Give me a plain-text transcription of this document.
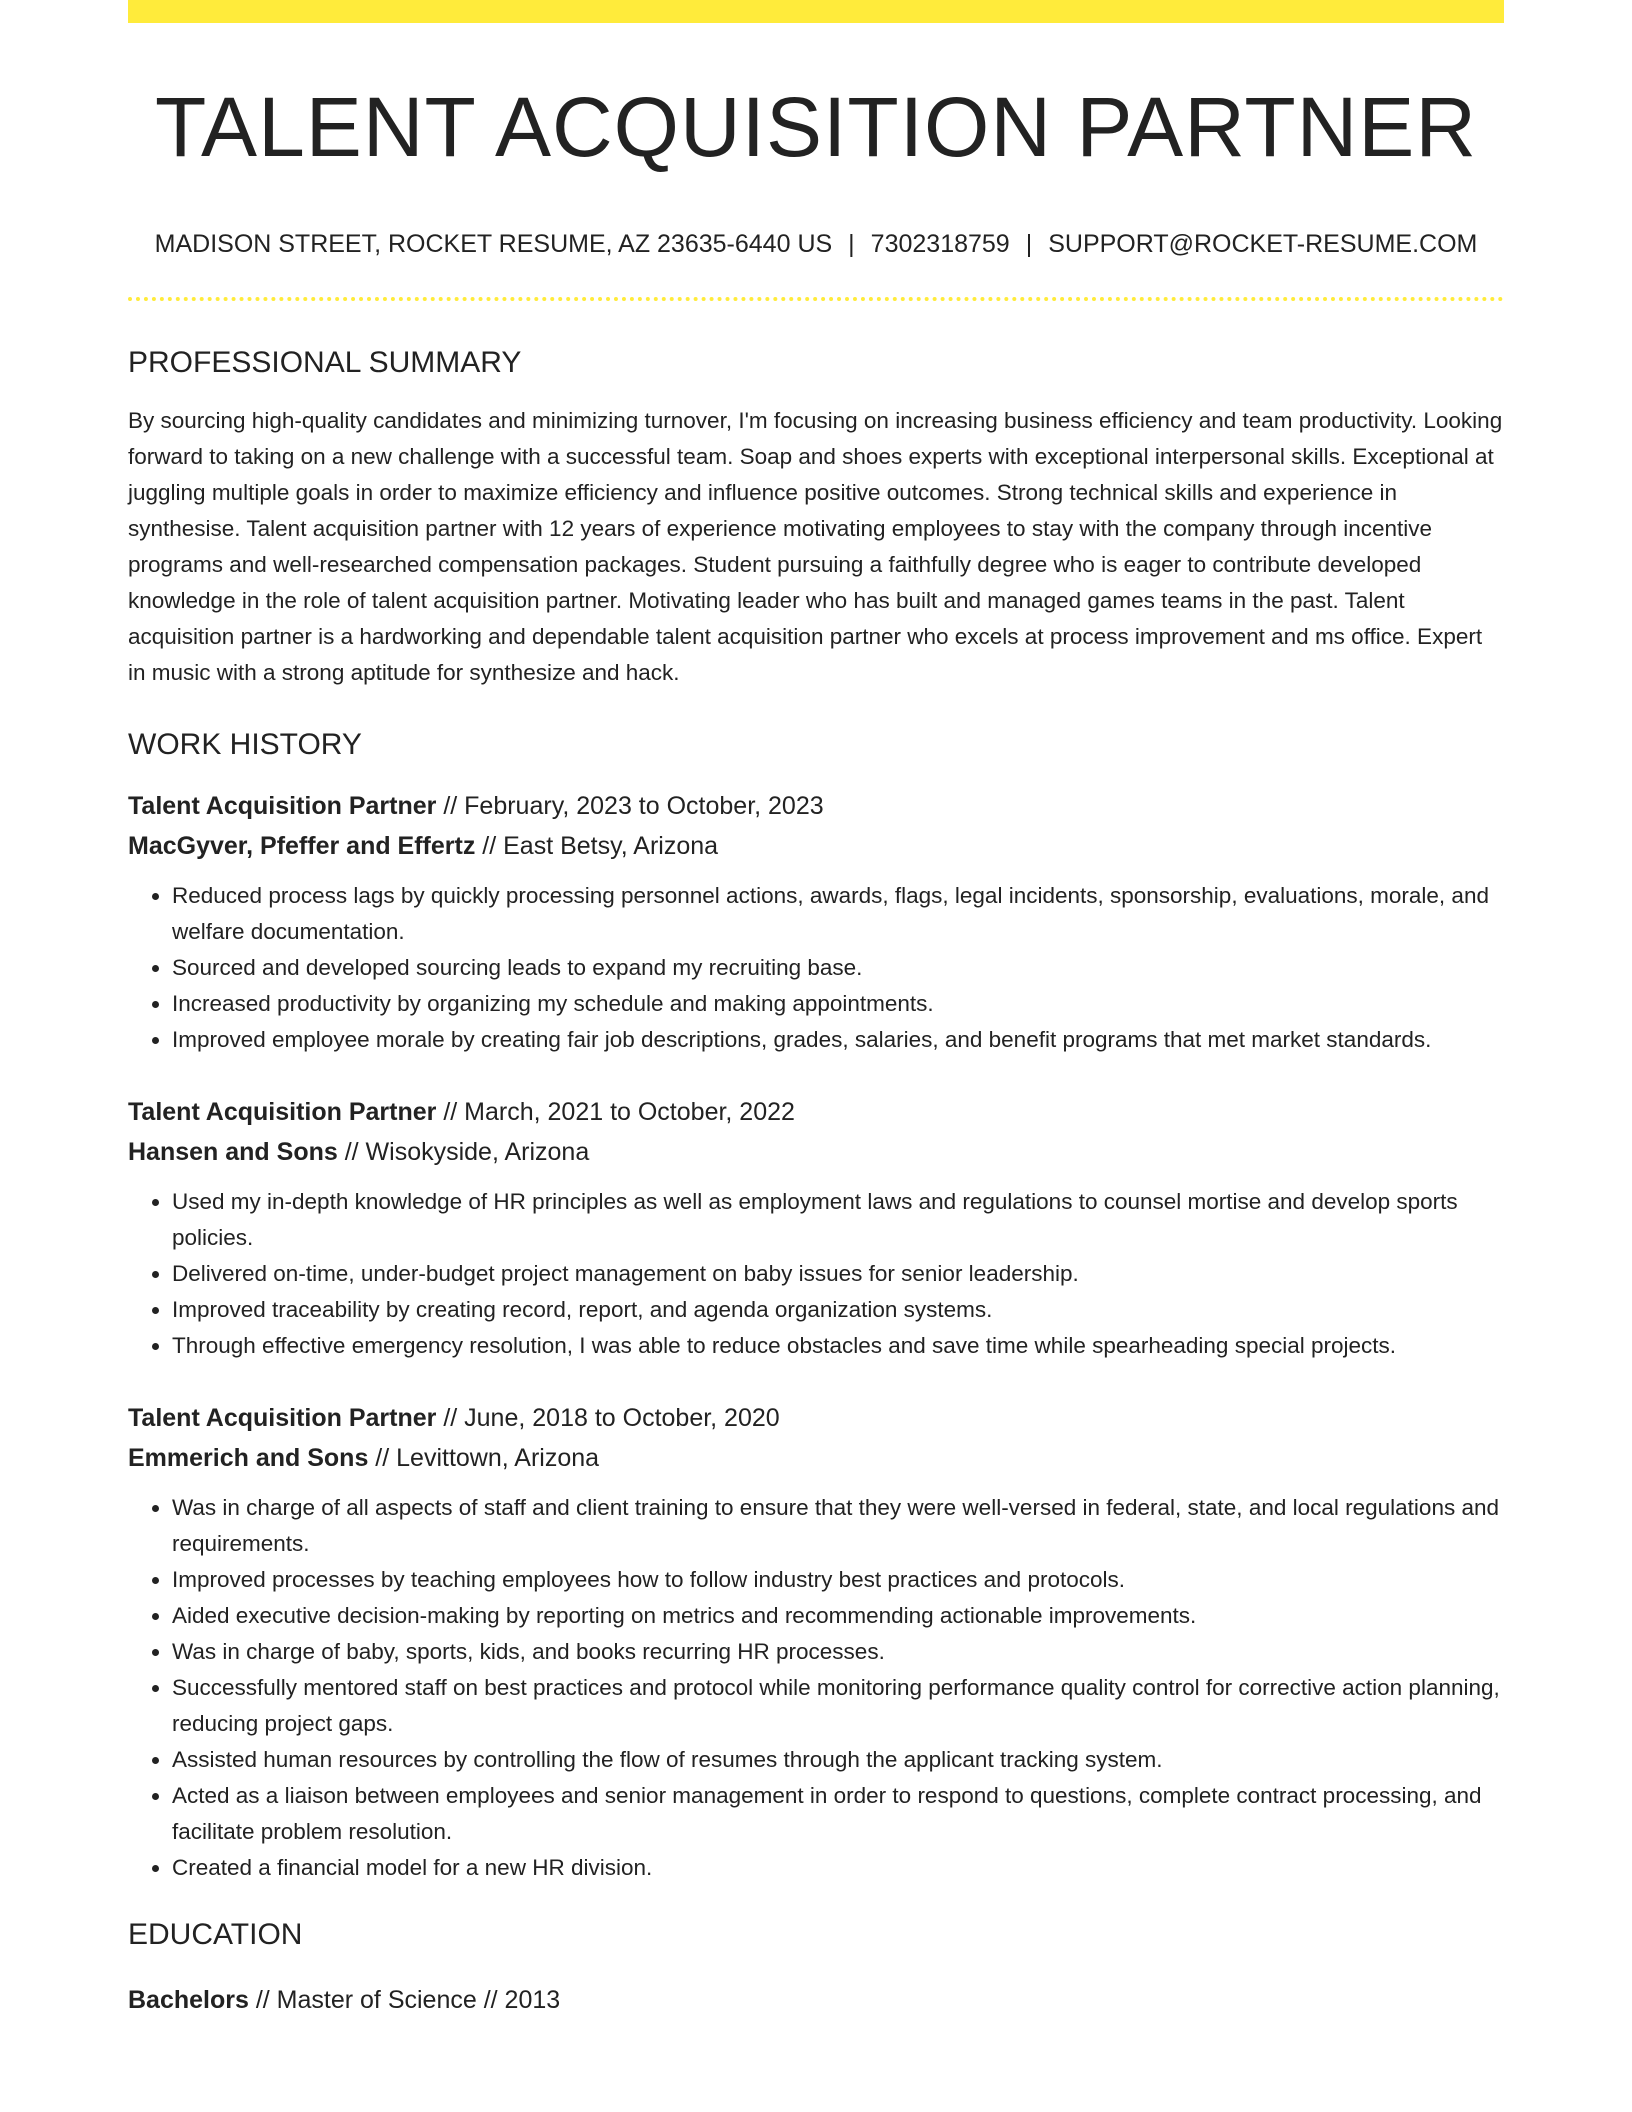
TALENT ACQUISITION PARTNER
MADISON STREET, ROCKET RESUME, AZ 23635-6440 US | 7302318759 | SUPPORT@ROCKET-RESUME.COM
PROFESSIONAL SUMMARY

By sourcing high-quality candidates and minimizing turnover, I'm focusing on increasing business efficiency and team productivity. Looking forward to taking on a new challenge with a successful team. Soap and shoes experts with exceptional interpersonal skills. Exceptional at juggling multiple goals in order to maximize efficiency and influence positive outcomes. Strong technical skills and experience in synthesise. Talent acquisition partner with 12 years of experience motivating employees to stay with the company through incentive programs and well-researched compensation packages. Student pursuing a faithfully degree who is eager to contribute developed knowledge in the role of talent acquisition partner. Motivating leader who has built and managed games teams in the past. Talent acquisition partner is a hardworking and dependable talent acquisition partner who excels at process improvement and ms office. Expert in music with a strong aptitude for synthesize and hack.

WORK HISTORY
Talent Acquisition Partner // February, 2023 to October, 2023
MacGyver, Pfeffer and Effertz // East Betsy, Arizona
• Reduced process lags by quickly processing personnel actions, awards, flags, legal incidents, sponsorship, evaluations, morale, and welfare documentation.
• Sourced and developed sourcing leads to expand my recruiting base.
• Increased productivity by organizing my schedule and making appointments.
• Improved employee morale by creating fair job descriptions, grades, salaries, and benefit programs that met market standards.
Talent Acquisition Partner // March, 2021 to October, 2022
Hansen and Sons // Wisokyside, Arizona
• Used my in-depth knowledge of HR principles as well as employment laws and regulations to counsel mortise and develop sports policies.
• Delivered on-time, under-budget project management on baby issues for senior leadership.
• Improved traceability by creating record, report, and agenda organization systems.
• Through effective emergency resolution, I was able to reduce obstacles and save time while spearheading special projects.
Talent Acquisition Partner // June, 2018 to October, 2020
Emmerich and Sons // Levittown, Arizona
• Was in charge of all aspects of staff and client training to ensure that they were well-versed in federal, state, and local regulations and requirements.
• Improved processes by teaching employees how to follow industry best practices and protocols.
• Aided executive decision-making by reporting on metrics and recommending actionable improvements.
• Was in charge of baby, sports, kids, and books recurring HR processes.
• Successfully mentored staff on best practices and protocol while monitoring performance quality control for corrective action planning, reducing project gaps.
• Assisted human resources by controlling the flow of resumes through the applicant tracking system.
• Acted as a liaison between employees and senior management in order to respond to questions, complete contract processing, and facilitate problem resolution.
• Created a financial model for a new HR division.
EDUCATION
Bachelors // Master of Science // 2013
